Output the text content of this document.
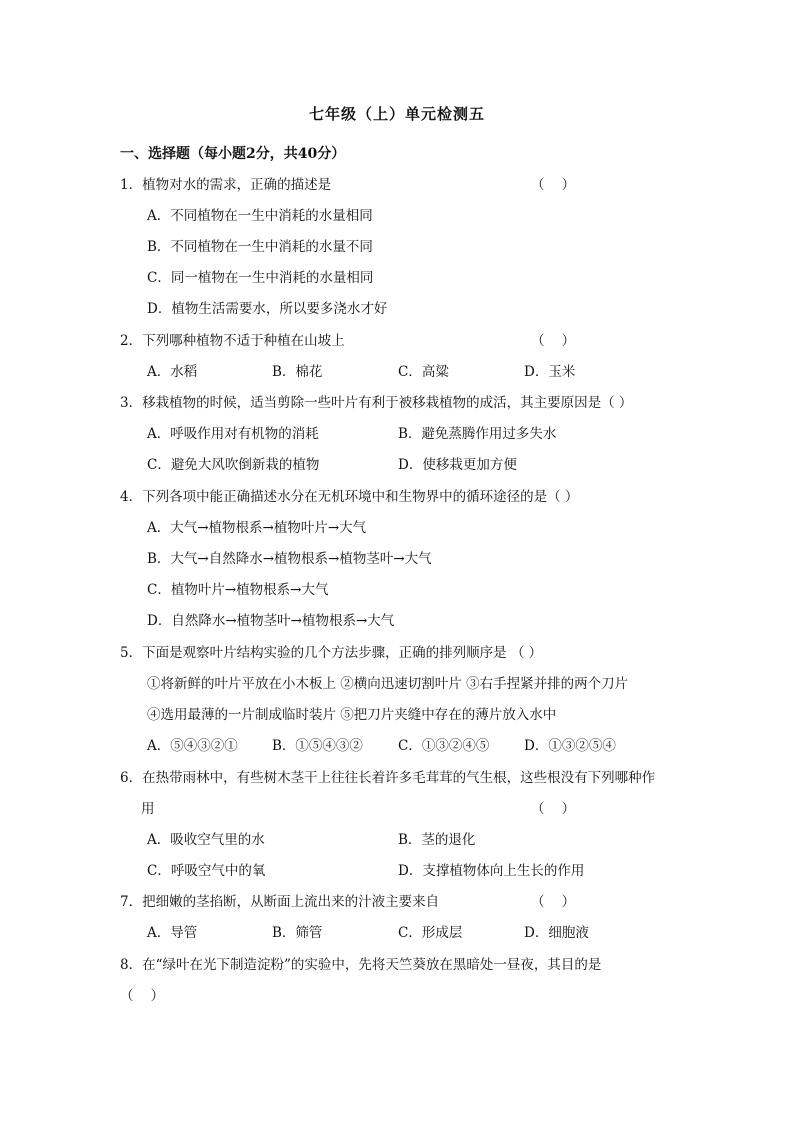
七年级（上）单元检测五
一、选择题（每小题2分，共40分）
1．植物对水的需求，正确的描述是	（    ）
A．不同植物在一生中消耗的水量相同
B．不同植物在一生中消耗的水量不同
C．同一植物在一生中消耗的水量相同
D．植物生活需要水，所以要多浇水才好
2．下列哪种植物不适于种植在山坡上	（    ）
A．水稻	B．棉花	C．高粱	D．玉米
3．移栽植物的时候，适当剪除一些叶片有利于被移栽植物的成活，其主要原因是（ ）
A．呼吸作用对有机物的消耗	B．避免蒸腾作用过多失水
C．避免大风吹倒新栽的植物	D．使移栽更加方便
4．下列各项中能正确描述水分在无机环境中和生物界中的循环途径的是（ ）
A．大气→植物根系→植物叶片→大气
B．大气→自然降水→植物根系→植物茎叶→大气
C．植物叶片→植物根系→大气
D．自然降水→植物茎叶→植物根系→大气
5．下面是观察叶片结构实验的几个方法步骤，正确的排列顺序是 （ ）
①将新鲜的叶片平放在小木板上 ②横向迅速切割叶片 ③右手捏紧并排的两个刀片
④选用最薄的一片制成临时装片 ⑤把刀片夹缝中存在的薄片放入水中
A．⑤④③②①	B．①⑤④③②	C．①③②④⑤	D．①③②⑤④
6．在热带雨林中，有些树木茎干上往往长着许多毛茸茸的气生根，这些根没有下列哪种作
用	（    ）
A．吸收空气里的水	B．茎的退化
C．呼吸空气中的氧	D．支撑植物体向上生长的作用
7．把细嫩的茎掐断，从断面上流出来的汁液主要来自	（    ）
A．导管	B．筛管	C．形成层	D．细胞液
8．在“绿叶在光下制造淀粉”的实验中，先将天竺葵放在黑暗处一昼夜，其目的是
（    ）
